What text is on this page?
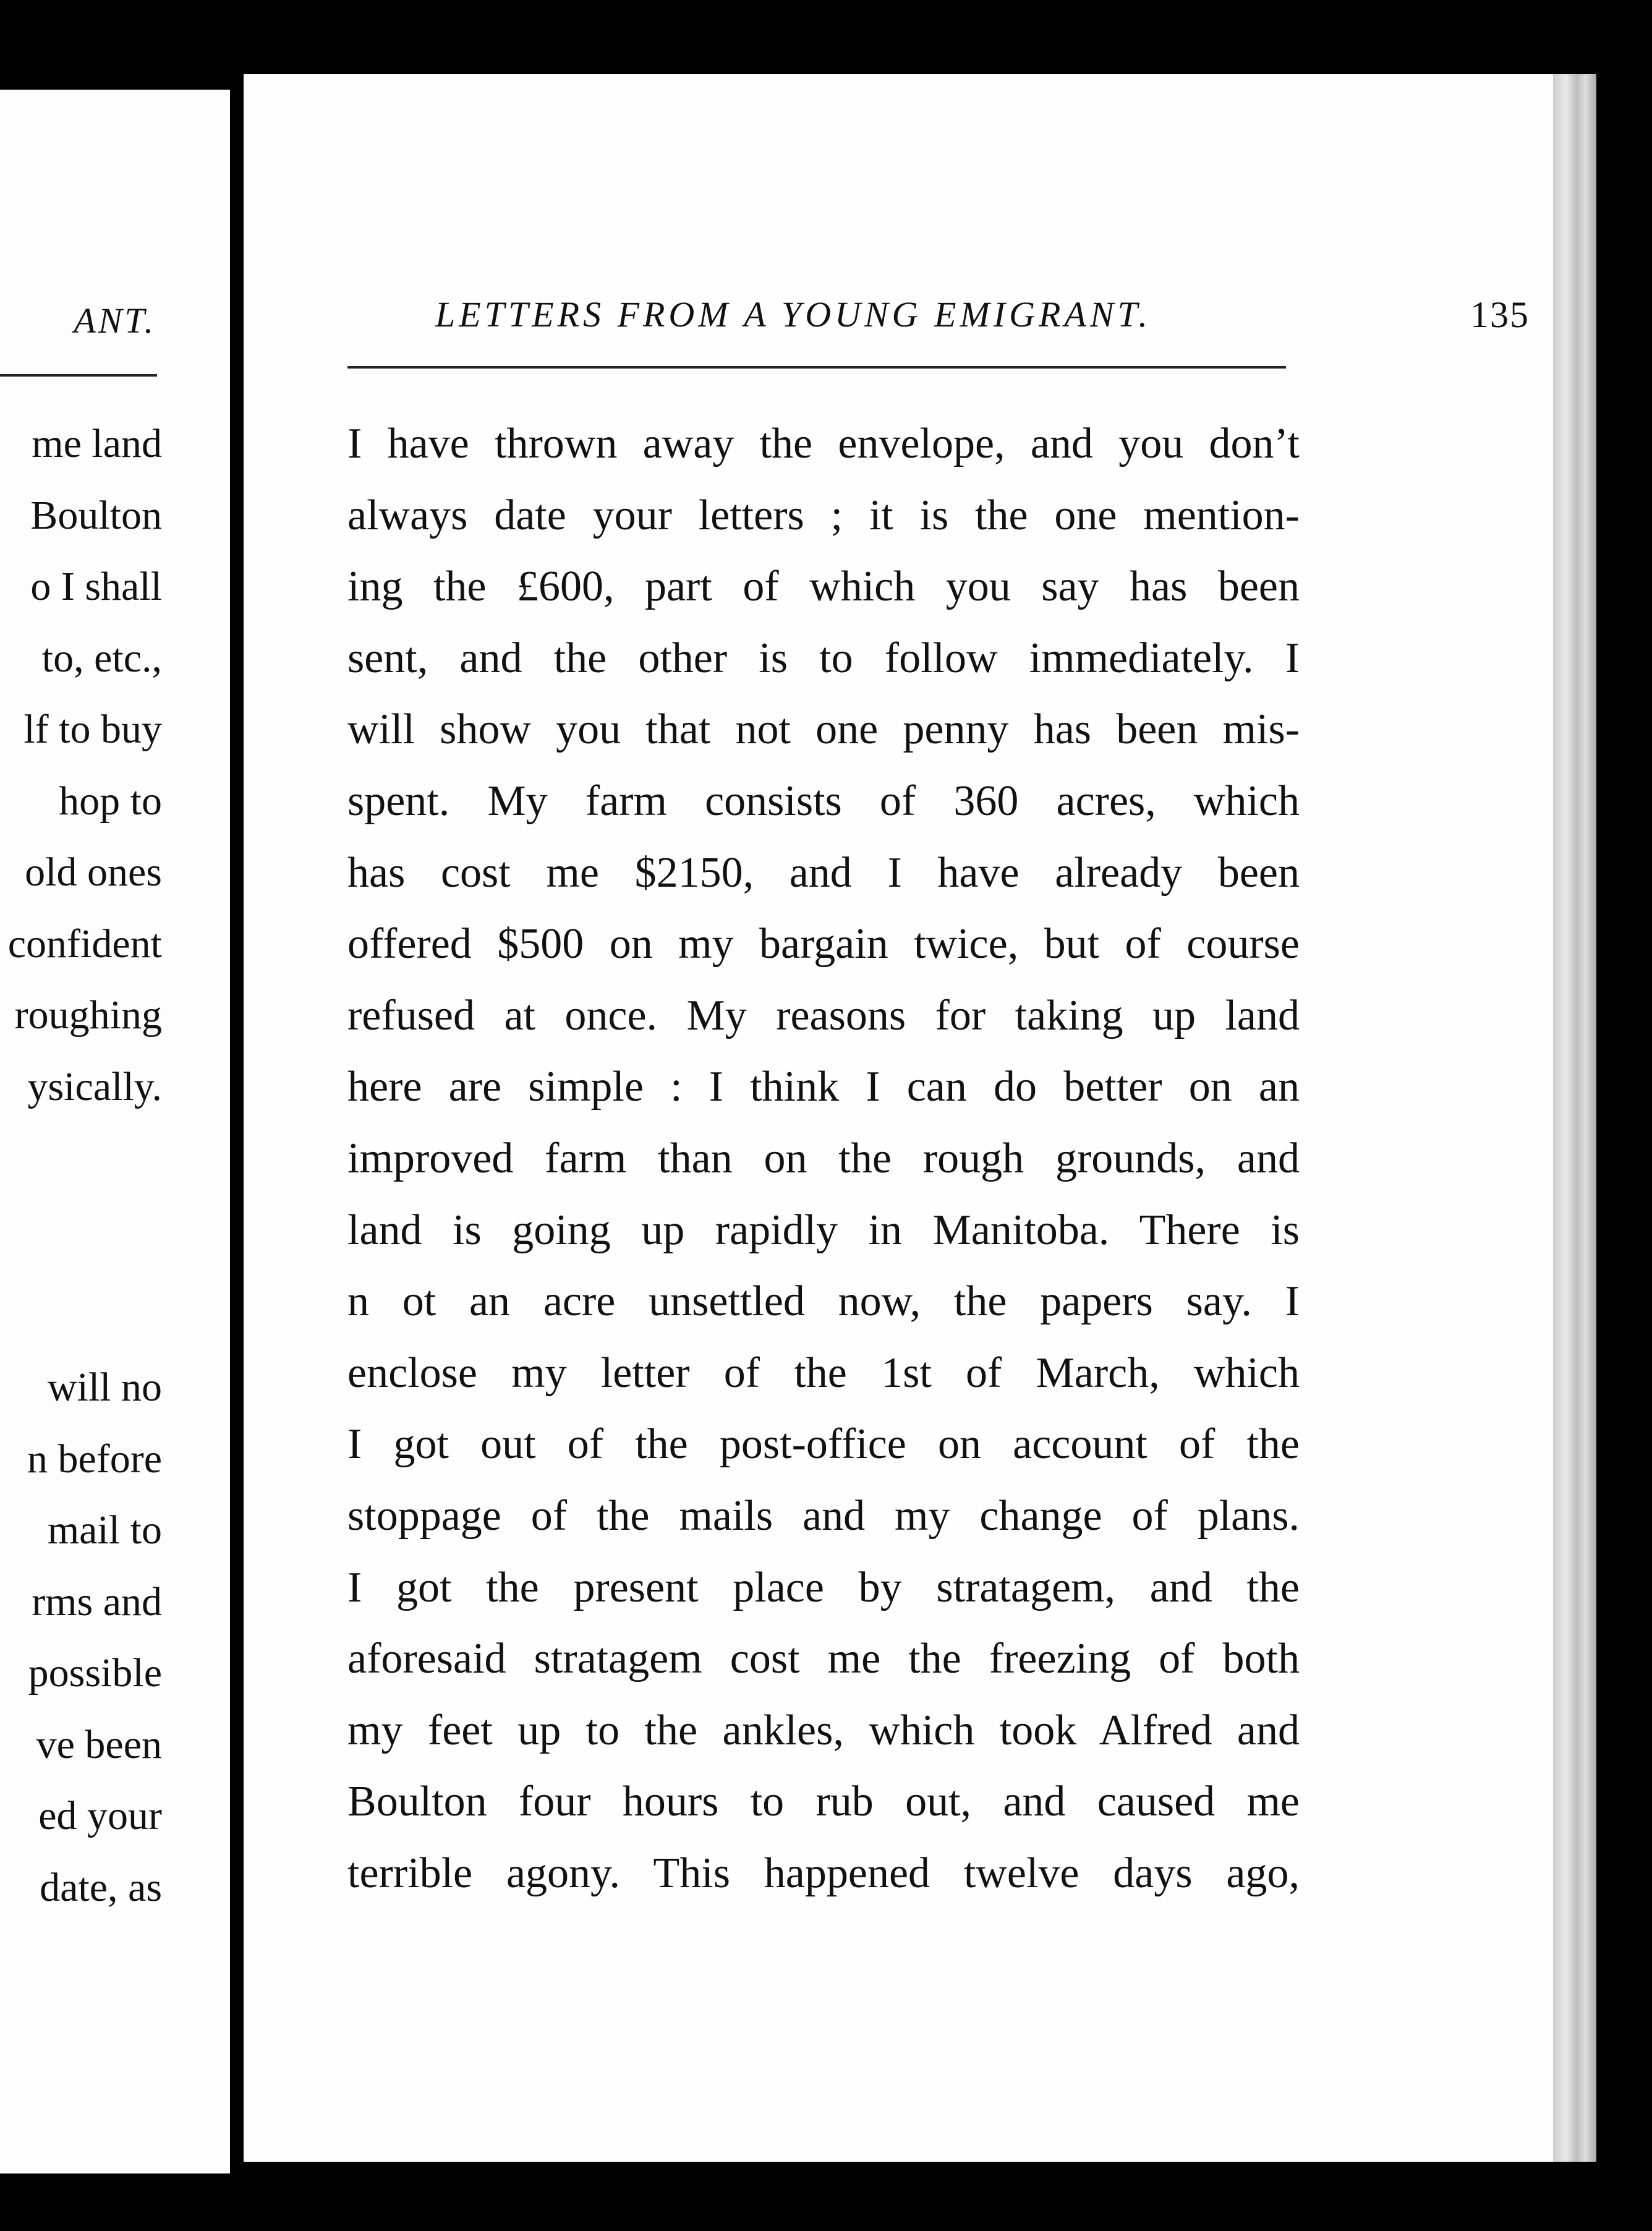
ANT.
me land
Boulton
o I shall
to, etc.,
lf to buy
hop to
old ones
confident
roughing
ysically.
will no
n before
mail to
rms and
possible
ve been
ed your
date, as
LETTERS FROM A YOUNG EMIGRANT.	135
I have thrown away the envelope, and you don’t
always date your letters ; it is the one mention-
ing the £600, part of which you say has been
sent, and the other is to follow immediately. I
will show you that not one penny has been mis-
spent. My farm consists of 360 acres, which
has cost me $2150, and I have already been
offered $500 on my bargain twice, but of course
refused at once. My reasons for taking up land
here are simple : I think I can do better on an
improved farm than on the rough grounds, and
land is going up rapidly in Manitoba. There is
n ot an acre unsettled now, the papers say. I
enclose my letter of the 1st of March, which
I got out of the post-office on account of the
stoppage of the mails and my change of plans.
I got the present place by stratagem, and the
aforesaid stratagem cost me the freezing of both
my feet up to the ankles, which took Alfred and
Boulton four hours to rub out, and caused me
terrible agony. This happened twelve days ago,
